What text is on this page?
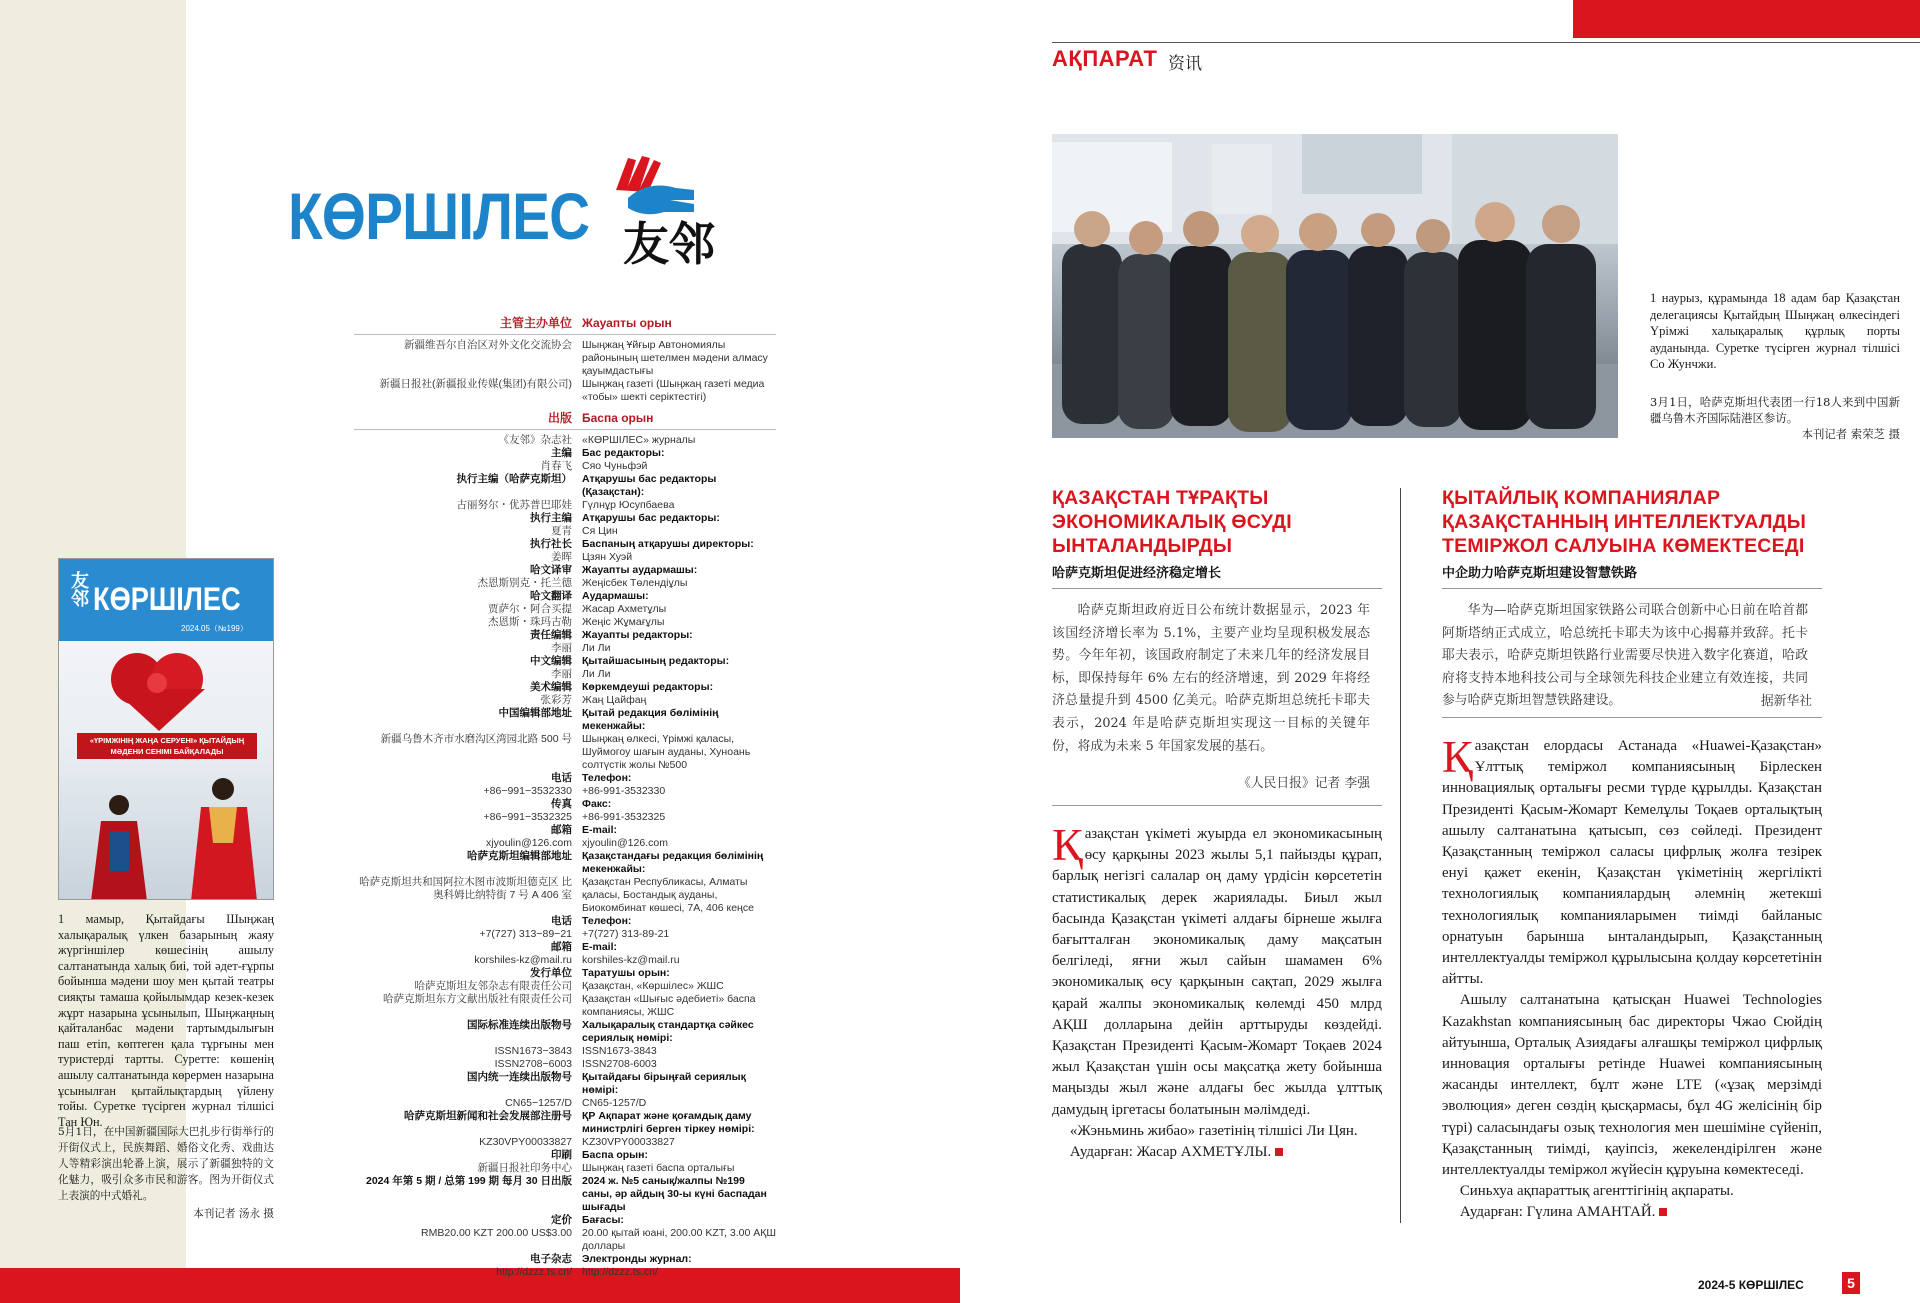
КӨРШІЛЕС 友邻
主管主办单位 Жауапты орын
新疆维吾尔自治区对外文化交流协会 Шыңжаң Ұйғыр Автономиялы районының шетелмен мәдени алмасу қауымдастығы
新疆日报社(新疆报业传媒(集团)有限公司) Шыңжаң газеті (Шыңжаң газеті медиа «тобы» шекті серіктестігі)
出版 Баспа орын
《友邻》杂志社 «КӨРШІЛЕС» журналы
主编 Бас редакторы:
肖春飞 Сяо Чуньфэй
执行主编（哈萨克斯坦） Атқарушы бас редакторы (Қазақстан):
古丽努尔・优苏普巴耶娃 Гүлнұр Юсупбаева
执行主编 Атқарушы бас редакторы:
夏青 Ся Цин
执行社长 Баспаның атқарушы директоры:
姜晖 Цзян Хуэй
哈文译审 Жауапты аудармашы:
杰恩斯别克・托兰德 Жеңісбек Төлендіұлы
哈文翻译 Аудармашы:
贾萨尔・阿合买提 Жасар Ахметұлы
杰恩斯・珠玛古勒 Жеңіс Жұмағұлы
责任编辑 Жауапты редакторы:
李丽 Ли Ли
中文编辑 Қытайшасының редакторы:
李丽 Ли Ли
美术编辑 Көркемдеуші редакторы:
张彩芳 Жаң Цайфаң
中国编辑部地址 Қытай редакция бөлімінің мекенжайы:
新疆乌鲁木齐市水磨沟区湾园北路 500 号 Шыңжаң өлкесі, Үрімжі қаласы, Шуймогоу шағын ауданы, Хуноань солтүстік жолы №500
电话 Телефон:
+86−991−3532330 +86-991-3532330
传真 Факс:
+86−991−3532325 +86-991-3532325
邮箱 E-mail:
xjyoulin@126.com xjyoulin@126.com
哈萨克斯坦编辑部地址 Қазақстандағы редакция бөлімінің мекенжайы:
哈萨克斯坦共和国阿拉木图市波斯坦德克区 比奥科姆比纳特街 7 号 A 406 室
Қазақстан Республикасы, Алматы қаласы, Бостандық ауданы, Биокомбинат көшесі, 7А, 406 кеңсе
电话 Телефон:
+7(727) 313−89−21 +7(727) 313-89-21
邮箱 E-mail:
korshiles-kz@mail.ru korshiles-kz@mail.ru
发行单位 Таратушы орын:
哈萨克斯坦友邻杂志有限责任公司 Қазақстан, «Көршілес» ЖШС
哈萨克斯坦东方文献出版社有限责任公司 Қазақстан «Шығыс әдебиеті» баспа компаниясы, ЖШС
国际标准连续出版物号 Халықаралық стандартқа сәйкес сериялық нөмірі:
ISSN1673−3843 ISSN1673-3843
ISSN2708−6003 ISSN2708-6003
国内统一连续出版物号 Қытайдағы бірыңғай сериялық нөмірі:
CN65−1257/D CN65-1257/D
哈萨克斯坦新闻和社会发展部注册号 ҚР Ақпарат және қоғамдық даму министрлігі берген тіркеу нөмірі:
KZ30VPY00033827 KZ30VPY00033827
印刷 Баспа орын:
新疆日报社印务中心 Шыңжаң газеті баспа орталығы
2024 年第 5 期 / 总第 199 期 每月 30 日出版 2024 ж. №5 санық/жалпы №199 саны, әр айдың 30-ы күні баспадан шығады
定价 Бағасы:
RMB20.00 KZT 200.00 US$3.00 20.00 қытай юані, 200.00 KZT, 3.00 АҚШ доллары
电子杂志 Электронды журнал:
http://dzzz.ts.cn/ http://dzzz.ts.cn/
友邻 КӨРШІЛЕС
2024.05（№199）
«ҮРІМЖІНІҢ ЖАҢА СЕРУЕНІ» ҚЫТАЙДЫҢ МӘДЕНИ СЕНІМІ БАЙҚАЛАДЫ
1 мамыр, Қытайдағы Шыңжаң халықаралық үлкен базарының жаяу жүргіншілер көшесінің ашылу салтанатында халық биі, той әдет-ғұрпы бойынша мәдени шоу мен қытай театры сияқты тамаша қойылымдар кезек-кезек жұрт назарына ұсынылып, Шыңжаңның қайталанбас мәдени тартымдылығын паш етіп, көптеген қала тұрғыны мен туристерді тартты. Суретте: көшенің ашылу салтанатында көрермен назарына ұсынылған қытайлықтардың үйлену тойы. Суретке түсірген журнал тілшісі Тан Юн.
5月1日，在中国新疆国际大巴扎步行街举行的开街仪式上，民族舞蹈、婚俗文化秀、戏曲达人等精彩演出轮番上演，展示了新疆独特的文化魅力，吸引众多市民和游客。图为开街仪式上表演的中式婚礼。
本刊记者 汤永 摄
АҚПАРАТ 资讯
1 наурыз, құрамында 18 адам бар Қазақстан делегациясы Қытайдың Шыңжаң өлкесіндегі Үрімжі халықаралық құрлық порты ауданында. Суретке түсірген журнал тілшісі Со Жунчжи.
3月1日，哈萨克斯坦代表团一行18人来到中国新疆乌鲁木齐国际陆港区参访。
本刊记者 索荣芝 摄
ҚАЗАҚСТАН ТҰРАҚТЫ
ЭКОНОМИКАЛЫҚ ӨСУДІ
ЫНТАЛАНДЫРДЫ
哈萨克斯坦促进经济稳定增长
哈萨克斯坦政府近日公布统计数据显示，2023 年该国经济增长率为 5.1%，主要产业均呈现积极发展态势。今年年初，该国政府制定了未来几年的经济发展目标，即保持每年 6% 左右的经济增速，到 2029 年将经济总量提升到 4500 亿美元。哈萨克斯坦总统托卡耶夫表示，2024 年是哈萨克斯坦实现这一目标的关键年份，将成为未来 5 年国家发展的基石。
《人民日报》记者 李强

Қазақстан үкіметі жуырда ел экономикасының өсу қарқыны 2023 жылы 5,1 пайызды құрап, барлық негізгі салалар оң даму үрдісін көрсететін статистикалық дерек жариялады. Биыл жыл басында Қазақстан үкіметі алдағы бірнеше жылға бағытталған экономикалық даму мақсатын белгіледі, яғни жыл сайын шамамен 6% экономикалық өсу қарқынын сақтап, 2029 жылға қарай жалпы экономикалық көлемді 450 млрд АҚШ долларына дейін арттыруды көздейді. Қазақстан Президенті Қасым-Жомарт Тоқаев 2024 жыл Қазақстан үшін осы мақсатқа жету бойынша маңызды жыл және алдағы бес жылда ұлттық дамудың іргетасы болатынын мәлімдеді.

«Жэньминь жибао» газетінің тілшісі Ли Цян.

Аударған: Жасар АХМЕТҰЛЫ.

ҚЫТАЙЛЫҚ КОМПАНИЯЛАР
ҚАЗАҚСТАННЫҢ ИНТЕЛЛЕКТУАЛДЫ
ТЕМІРЖОЛ САЛУЫНА КӨМЕКТЕСЕДІ
中企助力哈萨克斯坦建设智慧铁路
华为—哈萨克斯坦国家铁路公司联合创新中心日前在哈首都阿斯塔纳正式成立，哈总统托卡耶夫为该中心揭幕并致辞。托卡耶夫表示，哈萨克斯坦铁路行业需要尽快进入数字化赛道，哈政府将支持本地科技公司与全球领先科技企业建立有效连接，共同参与哈萨克斯坦智慧铁路建设。	据新华社

Қазақстан елордасы Астанада «Huawei-Қазақстан» Ұлттық теміржол компаниясының Бірлескен инновациялық орталығы ресми түрде құрылды. Қазақстан Президенті Қасым-Жомарт Кемелұлы Тоқаев орталықтың ашылу салтанатына қатысып, сөз сөйледі. Президент Қазақстанның теміржол саласы цифрлық жолға тезірек енуі қажет екенін, Қазақстан үкіметінің жергілікті технологиялық компаниялардың әлемнің жетекші технологиялық компанияларымен тиімді байланыс орнатуын барынша ынталандырып, Қазақстанның интеллектуалды теміржол құрылысына қолдау көрсететінін айтты.

Ашылу салтанатына қатысқан Huawei Technologies Kazakhstan компаниясының бас директоры Чжао Сюйдің айтуынша, Орталық Азиядағы алғашқы теміржол цифрлық инновация орталығы ретінде Huawei компаниясының жасанды интеллект, бұлт және LTE («ұзақ мерзімді эволюция» деген сөздің қысқармасы, бұл 4G желісінің бір түрі) саласындағы озық технология мен шешіміне сүйеніп, Қазақстанның тиімді, қауіпсіз, жекелендірілген және интеллектуалды теміржол жүйесін құруына көмектеседі.

Синьхуа ақпараттық агенттігінің ақпараты.

Аударған: Гүлина АМАНТАЙ.

2024-5 КӨРШІЛЕС	5
